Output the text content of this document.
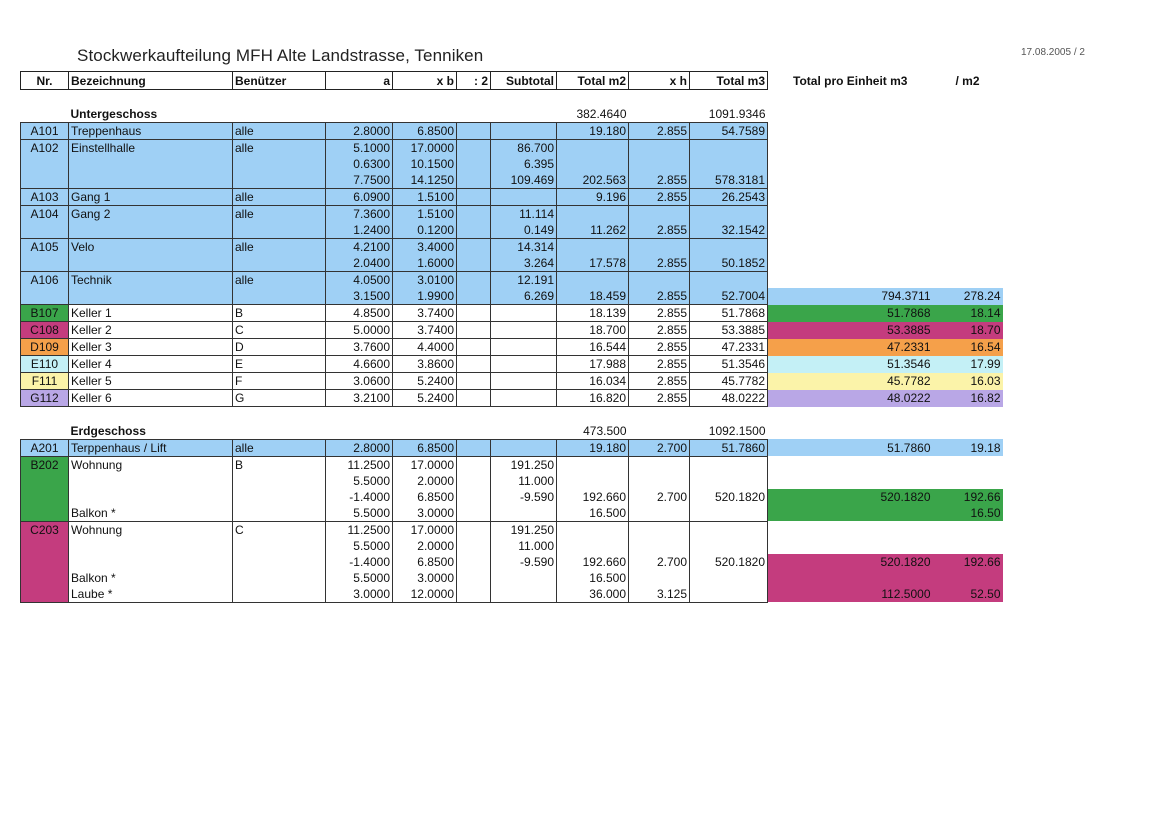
Stockwerkaufteilung MFH Alte Landstrasse, Tenniken	17.08.2005 / 2
Nr.	Bezeichnung	Benützer	a	x b	: 2	Subtotal	Total m2	x h	Total m3	Total pro Einheit m3	/ m2

	Untergeschoss						382.4640		1091.9346		
A101	Treppenhaus	alle	2.8000	6.8500			19.180	2.855	54.7589		
A102	Einstellhalle	alle	5.1000	17.0000		86.700					
			0.6300	10.1500		6.395					
			7.7500	14.1250		109.469	202.563	2.855	578.3181		
A103	Gang 1	alle	6.0900	1.5100			9.196	2.855	26.2543		
A104	Gang 2	alle	7.3600	1.5100		11.114					
			1.2400	0.1200		0.149	11.262	2.855	32.1542		
A105	Velo	alle	4.2100	3.4000		14.314					
			2.0400	1.6000		3.264	17.578	2.855	50.1852		
A106	Technik	alle	4.0500	3.0100		12.191					
			3.1500	1.9900		6.269	18.459	2.855	52.7004	794.3711	278.24
B107	Keller 1	B	4.8500	3.7400			18.139	2.855	51.7868	51.7868	18.14
C108	Keller 2	C	5.0000	3.7400			18.700	2.855	53.3885	53.3885	18.70
D109	Keller 3	D	3.7600	4.4000			16.544	2.855	47.2331	47.2331	16.54
E110	Keller 4	E	4.6600	3.8600			17.988	2.855	51.3546	51.3546	17.99
F111	Keller 5	F	3.0600	5.2400			16.034	2.855	45.7782	45.7782	16.03
G112	Keller 6	G	3.2100	5.2400			16.820	2.855	48.0222	48.0222	16.82

	Erdgeschoss						473.500		1092.1500		
A201	Terppenhaus / Lift	alle	2.8000	6.8500			19.180	2.700	51.7860	51.7860	19.18
B202	Wohnung	B	11.2500	17.0000		191.250					
			5.5000	2.0000		11.000					
			-1.4000	6.8500		-9.590	192.660	2.700	520.1820	520.1820	192.66
	Balkon *		5.5000	3.0000			16.500				16.50
C203	Wohnung	C	11.2500	17.0000		191.250					
			5.5000	2.0000		11.000					
			-1.4000	6.8500		-9.590	192.660	2.700	520.1820	520.1820	192.66
	Balkon *		5.5000	3.0000			16.500				
	Laube *		3.0000	12.0000			36.000	3.125		112.5000	52.50
